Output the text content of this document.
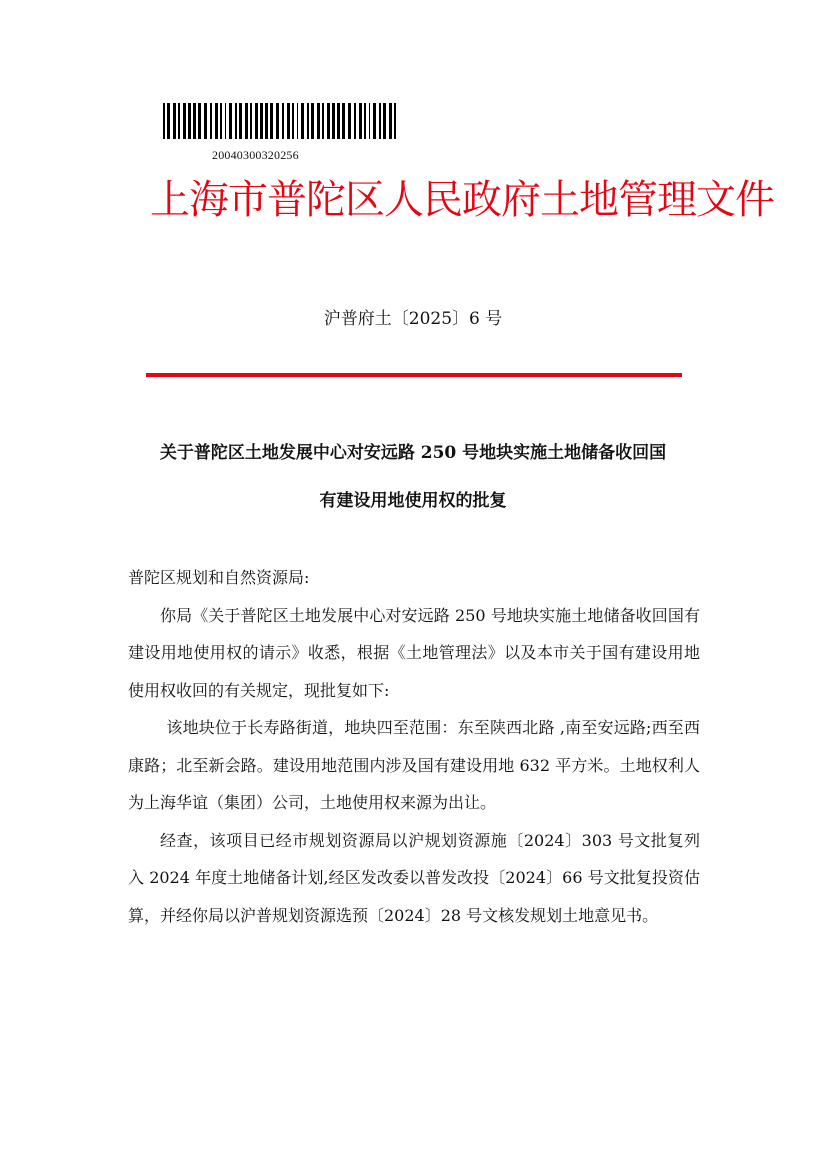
20040300320256
上海市普陀区人民政府土地管理文件
沪普府土〔2025〕6 号
关于普陀区土地发展中心对安远路 250 号地块实施土地储备收回国
有建设用地使用权的批复

普陀区规划和自然资源局:

你局《关于普陀区土地发展中心对安远路 250 号地块实施土地储备收回国有建设用地使用权的请示》收悉，根据《土地管理法》以及本市关于国有建设用地使用权收回的有关规定，现批复如下:

该地块位于长寿路街道，地块四至范围：东至陕西北路 ,南至安远路;西至西康路；北至新会路。建设用地范围内涉及国有建设用地 632 平方米。土地权利人为上海华谊（集团）公司，土地使用权来源为出让。

经查，该项目已经市规划资源局以沪规划资源施〔2024〕303 号文批复列入 2024 年度土地储备计划,经区发改委以普发改投〔2024〕66 号文批复投资估算，并经你局以沪普规划资源选预〔2024〕28 号文核发规划土地意见书。
